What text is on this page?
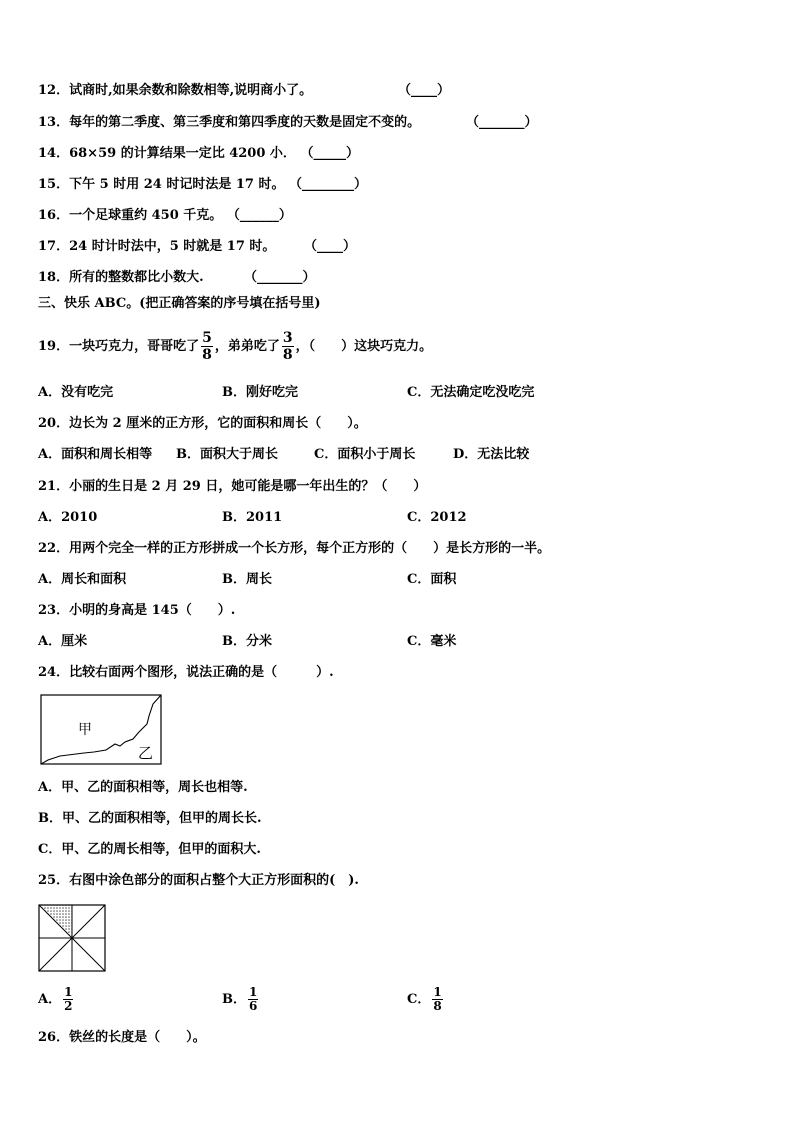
12．试商时,如果余数和除数相等,说明商小了。	（____）
13．每年的第二季度、第三季度和第四季度的天数是固定不变的。	（_______）
14．68×59 的计算结果一定比 4200 小． （_____）
15．下午 5 时用 24 时记时法是 17 时。 （________）
16．一个足球重约 450 千克。 （______）
17．24 时计时法中，5 时就是 17 时。 （____）
18．所有的整数都比小数大.	（_______）
三、快乐 ABC。(把正确答案的序号填在括号里)
19．一块巧克力，哥哥吃了 $\frac{5}{8}$ ，弟弟吃了 $\frac{3}{8}$ ，（　　）这块巧克力。
A．没有吃完	B．刚好吃完	C．无法确定吃没吃完
20．边长为 2 厘米的正方形，它的面积和周长（　　）。
A．面积和周长相等 B．面积大于周长	C．面积小于周长	D．无法比较
21．小丽的生日是 2 月 29 日，她可能是哪一年出生的？（　　）
A．2010	B．2011	C．2012
22．用两个完全一样的正方形拼成一个长方形，每个正方形的（　　）是长方形的一半。
A．周长和面积	B．周长	C．面积
23．小明的身高是 145（　　）.
A．厘米	B．分米	C．毫米
24．比较右面两个图形，说法正确的是（　　　）.
甲
乙
A．甲、乙的面积相等，周长也相等.
B．甲、乙的面积相等，但甲的周长长.
C．甲、乙的周长相等，但甲的面积大.
25．右图中涂色部分的面积占整个大正方形面积的(　).
A． $\frac{1}{2}$	B． $\frac{1}{6}$	C． $\frac{1}{8}$
26．铁丝的长度是（　　）。
